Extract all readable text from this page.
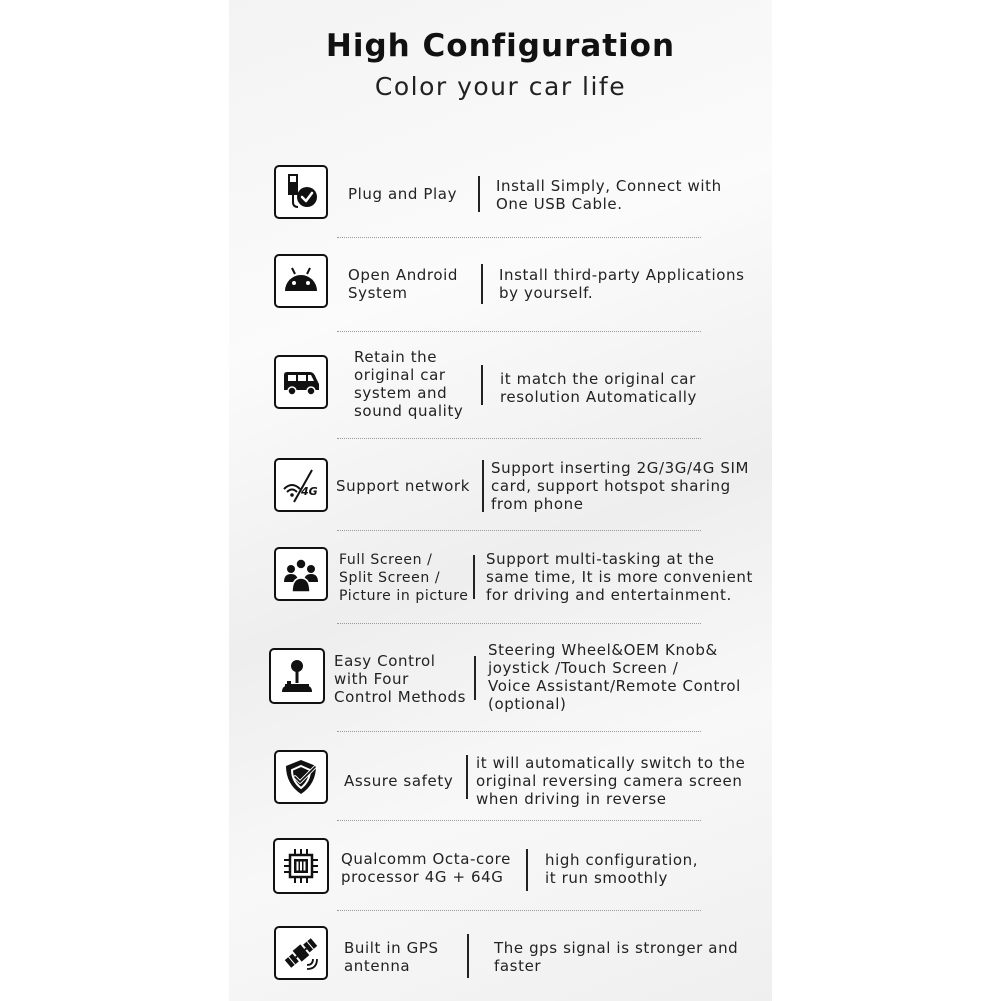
High Configuration
Color your car life
Plug and Play	Install Simply, Connect with
One USB Cable.
Open Android
System
Install third-party Applications
by yourself.
Retain the
original car
system and
sound quality
it match the original car
resolution Automatically
4G Support network
Support inserting 2G/3G/4G SIM
card, support hotspot sharing
from phone
Full Screen /
Split Screen /
Picture in picture
Support multi-tasking at the
same time, It is more convenient
for driving and entertainment.
Easy Control
with Four
Control Methods
Steering Wheel&OEM Knob&
joystick /Touch Screen /
Voice Assistant/Remote Control
(optional)
Assure safety
it will automatically switch to the
original reversing camera screen
when driving in reverse
Qualcomm Octa-core
processor 4G + 64G
high configuration,
it run smoothly
Built in GPS
antenna
The gps signal is stronger and
faster
